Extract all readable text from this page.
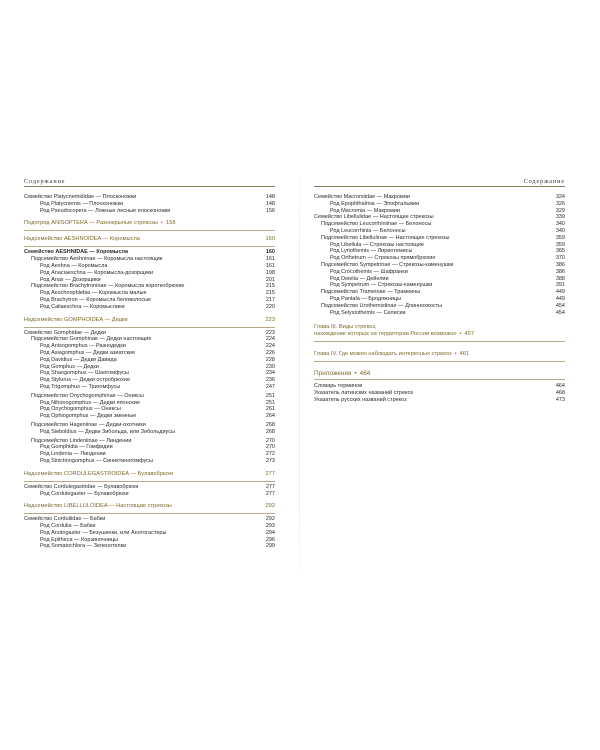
Содержание
Семейство Platycnemididae — Плосконожки	148
Род Platycnemis — Плосконожки	148
Род Pseudocopera — Ложные лесные плосконожки	156
Подотряд ANISOPTERA — Разнокрылые стрекозы • 158
Надсемейство AESHNOIDEA — Коромысла	160
Семейство AESHNIDAE — Коромысла	160
Подсемейство Aeshninae — Коромысла настоящие	161
Род Aeshna — Коромысла	161
Род Anaciaeschna — Коромысла-дозорщики	198
Род Anax — Дозорщики	201
Подсемейство Brachytroninae — Коромысла короткобрюхие	215
Род Aeschnophlebia — Коромысла малые	215
Род Brachytron — Коромысла беловолосые	217
Род Caliaeschna — Коромыслики	220
Надсемейство GOMPHOIDEA — Дедки	223
Семейство Gomphidae — Дедки	223
Подсемейство Gomphinae — Дедки настоящие	224
Род Anisogomphus — Разнодедки	224
Род Asiagomphus — Дедки азиатские	226
Род Davidius — Дедки Давида	228
Род Gomphus — Дедки	230
Род Shaogomphus — Шаогомфусы	234
Род Stylurus — Дедки остробрюхие	236
Род Trigomphus — Тригомфусы	247
Подсемейство Onychogomphinae — Ониксы	251
Род Nihonogomphus — Дедки японские	251
Род Onychogomphus — Ониксы	261
Род Ophiogomphus — Дедки змеиные	264
Подсемейство Hageniinae — Дедки-охотники	268
Род Sieboldius — Дедки Зибольда, или Зибольдиусы	268
Подсемейство Lindeniinae — Линдении	270
Род Gomphidia — Гомфидии	270
Род Lindenia — Линдении	272
Род Sinictinogomphus — Синиктиногомфусы	273
Надсемейство CORDULEGASTROIDEA — Булавобрюхи	277
Семейство Cordulegastridae — Булавобрюхи	277
Род Cordulegaster — Булавобрюхи	277
Надсемейство LIBELLULOIDEA — Настоящие стрекозы	292
Семейство Corduliidae — Бабки	292
Род Cordulia — Бабки	293
Род Anotogaster — Безушинки, или Анотогастеры	294
Род Epitheca — Корзиночницы	296
Род Somatochlora — Зеленотелки	299
Содержание
Семейство Macromiidae — Макромии	324
Род Epophthalmia — Эпофтальмии	326
Род Macromia — Макромии	329
Семейство Libellulidae — Настоящие стрекозы	339
Подсемейство Leucorrhiniinae — Белоносы	340
Род Leucorrhinia — Белоносы	340
Подсемейство Libellulinae — Настоящие стрекозы	359
Род Libellula — Стрекозы настоящие	359
Род Lyriothemis — Лириотемисы	365
Род Orthetrum — Стрекозы прямобрюхие	370
Подсемейство Sympetrinae — Стрекозы-каменушки	386
Род Crocothemis — Шафранки	386
Род Deielia — Дейелии	388
Род Sympetrum — Стрекозы-каменушки	391
Подсемейство Trameinae — Трамеины	449
Род Pantala — Бродяжницы	449
Подсемейство Urothemistinae — Длиннохвосты	454
Род Selysiothemis — Селисии	454
Глава III. Виды стрекоз,
нахождение которых на территории России возможно • 457
Глава IV. Где можно наблюдать интересных стрекоз • 461
Приложения • 464
Словарь терминов	464
Указатель латинских названий стрекоз	468
Указатель русских названий стрекоз	473
